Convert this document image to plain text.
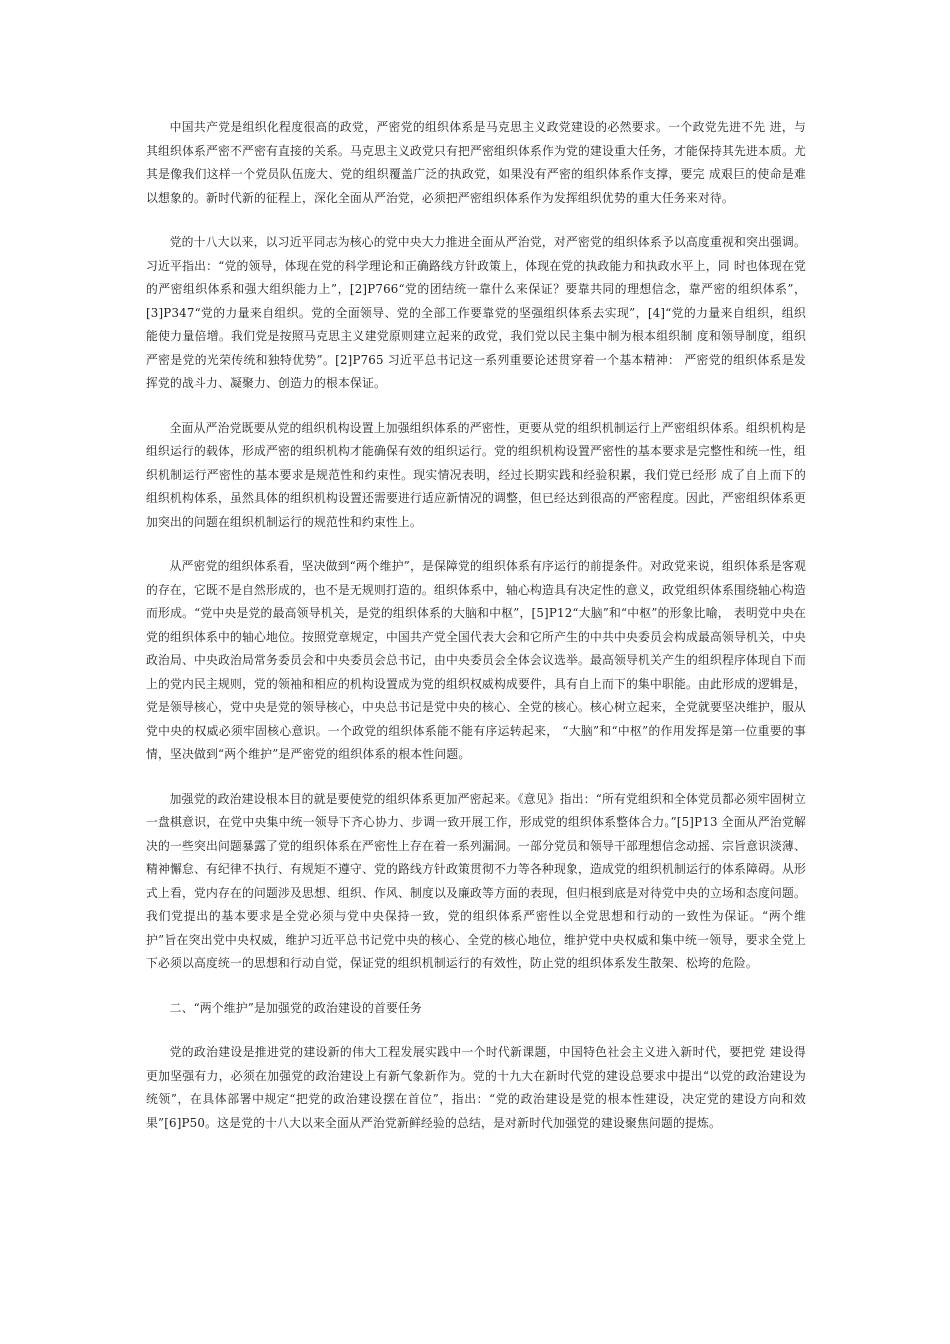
中国共产党是组织化程度很高的政党，严密党的组织体系是马克思主义政党建设的必然要求。一个政党先进不先 进，与其组织体系严密不严密有直接的关系。马克思主义政党只有把严密组织体系作为党的建设重大任务，才能保持其先进本质。尤其是像我们这样一个党员队伍庞大、党的组织覆盖广泛的执政党，如果没有严密的组织体系作支撑，要完 成艰巨的使命是难以想象的。新时代新的征程上，深化全面从严治党，必须把严密组织体系作为发挥组织优势的重大任务来对待。

党的十八大以来，以习近平同志为核心的党中央大力推进全面从严治党，对严密党的组织体系予以高度重视和突出强调。习近平指出：“党的领导，体现在党的科学理论和正确路线方针政策上，体现在党的执政能力和执政水平上，同 时也体现在党的严密组织体系和强大组织能力上”，[2]P766“党的团结统一靠什么来保证？要靠共同的理想信念，靠严密的组织体系”，[3]P347“党的力量来自组织。党的全面领导、党的全部工作要靠党的坚强组织体系去实现”，[4]“党的力量来自组织，组织能使力量倍增。我们党是按照马克思主义建党原则建立起来的政党，我们党以民主集中制为根本组织制 度和领导制度，组织严密是党的光荣传统和独特优势”。[2]P765 习近平总书记这一系列重要论述贯穿着一个基本精神： 严密党的组织体系是发挥党的战斗力、凝聚力、创造力的根本保证。

全面从严治党既要从党的组织机构设置上加强组织体系的严密性，更要从党的组织机制运行上严密组织体系。组织机构是组织运行的载体，形成严密的组织机构才能确保有效的组织运行。党的组织机构设置严密性的基本要求是完整性和统一性，组织机制运行严密性的基本要求是规范性和约束性。现实情况表明，经过长期实践和经验积累，我们党已经形 成了自上而下的组织机构体系，虽然具体的组织机构设置还需要进行适应新情况的调整，但已经达到很高的严密程度。因此，严密组织体系更加突出的问题在组织机制运行的规范性和约束性上。

从严密党的组织体系看，坚决做到“两个维护”，是保障党的组织体系有序运行的前提条件。对政党来说，组织体系是客观的存在，它既不是自然形成的，也不是无规则打造的。组织体系中，轴心构造具有决定性的意义，政党组织体系围绕轴心构造而形成。“党中央是党的最高领导机关，是党的组织体系的大脑和中枢”，[5]P12“大脑”和“中枢”的形象比喻， 表明党中央在党的组织体系中的轴心地位。按照党章规定，中国共产党全国代表大会和它所产生的中共中央委员会构成最高领导机关，中央政治局、中央政治局常务委员会和中央委员会总书记，由中央委员会全体会议选举。最高领导机关产生的组织程序体现自下而上的党内民主规则，党的领袖和相应的机构设置成为党的组织权威构成要件，具有自上而下的集中职能。由此形成的逻辑是，党是领导核心，党中央是党的领导核心，中央总书记是党中央的核心、全党的核心。核心树立起来，全党就要坚决维护，服从党中央的权威必须牢固核心意识。一个政党的组织体系能不能有序运转起来， “大脑”和“中枢”的作用发挥是第一位重要的事情，坚决做到“两个维护”是严密党的组织体系的根本性问题。

加强党的政治建设根本目的就是要使党的组织体系更加严密起来。《意见》指出：“所有党组织和全体党员都必须牢固树立一盘棋意识，在党中央集中统一领导下齐心协力、步调一致开展工作，形成党的组织体系整体合力。”[5]P13 全面从严治党解决的一些突出问题暴露了党的组织体系在严密性上存在着一系列漏洞。一部分党员和领导干部理想信念动摇、宗旨意识淡薄、精神懈怠、有纪律不执行、有规矩不遵守、党的路线方针政策贯彻不力等各种现象，造成党的组织机制运行的体系障碍。从形式上看，党内存在的问题涉及思想、组织、作风、制度以及廉政等方面的表现，但归根到底是对待党中央的立场和态度问题。我们党提出的基本要求是全党必须与党中央保持一致，党的组织体系严密性以全党思想和行动的一致性为保证。“两个维护”旨在突出党中央权威，维护习近平总书记党中央的核心、全党的核心地位，维护党中央权威和集中统一领导，要求全党上下必须以高度统一的思想和行动自觉，保证党的组织机制运行的有效性，防止党的组织体系发生散架、松垮的危险。

二、“两个维护”是加强党的政治建设的首要任务

党的政治建设是推进党的建设新的伟大工程发展实践中一个时代新课题，中国特色社会主义进入新时代，要把党 建设得更加坚强有力，必须在加强党的政治建设上有新气象新作为。党的十九大在新时代党的建设总要求中提出“以党的政治建设为统领”，在具体部署中规定“把党的政治建设摆在首位”，指出：“党的政治建设是党的根本性建设，决定党的建设方向和效果”[6]P50。这是党的十八大以来全面从严治党新鲜经验的总结，是对新时代加强党的建设聚焦问题的提炼。
